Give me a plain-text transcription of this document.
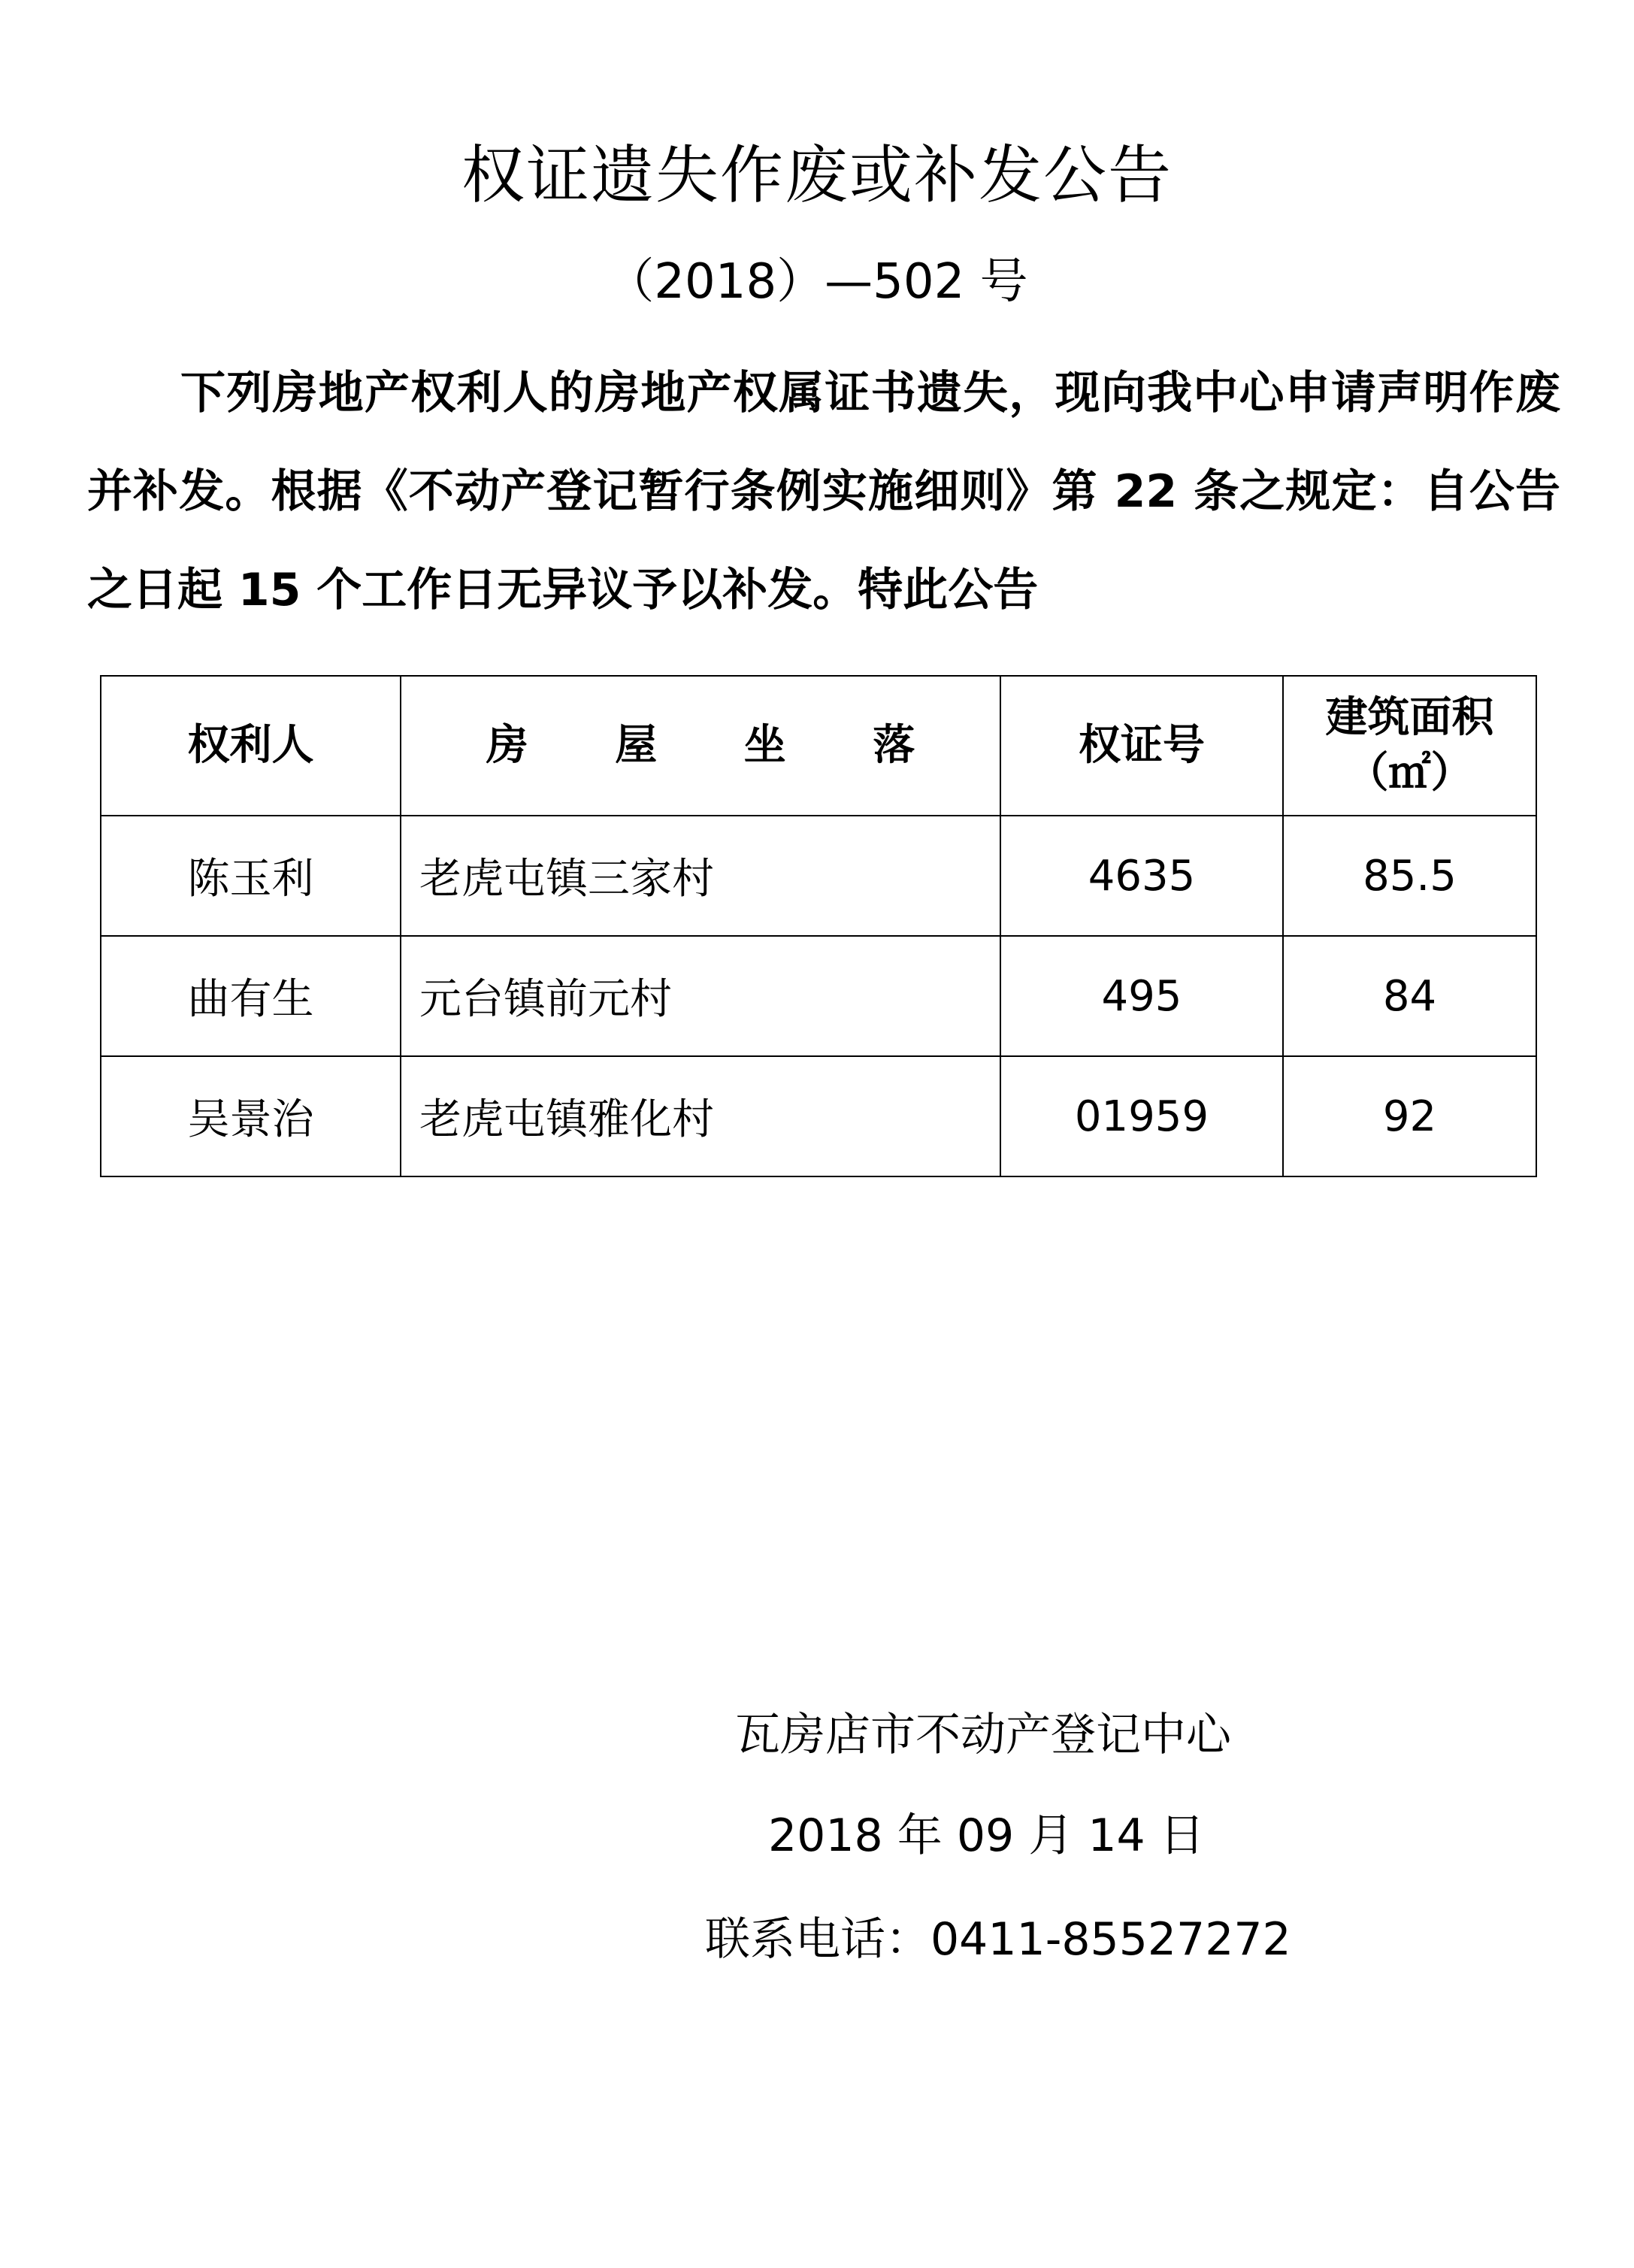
权证遗失作废或补发公告
（2018）—502 号
下列房地产权利人的房地产权属证书遗失，现向我中心申请声明作废并补发。根据《不动产登记暂行条例实施细则》第 22 条之规定：自公告之日起 15 个工作日无异议予以补发。特此公告
权利人	房 屋 坐 落	权证号	建筑面积
（㎡）

陈玉利	老虎屯镇三家村	4635	85.5
曲有生	元台镇前元村	495	84
吴景治	老虎屯镇雅化村	01959	92
瓦房店市不动产登记中心
2018 年 09 月 14 日
联系电话：0411-85527272
